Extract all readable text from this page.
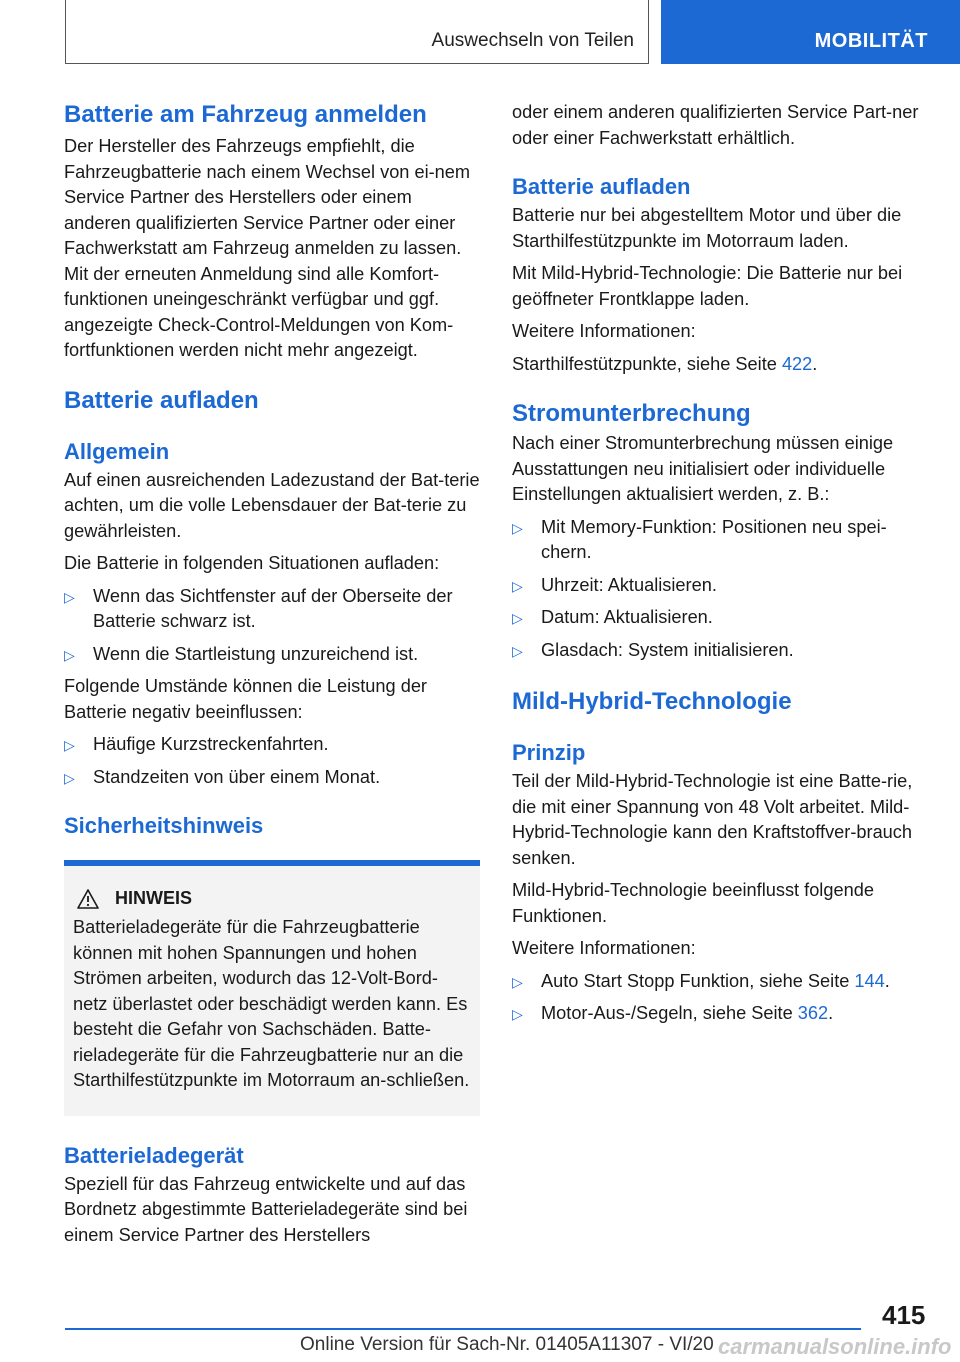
Auswechseln von Teilen	MOBILITÄT
Batterie am Fahrzeug anmelden

Der Hersteller des Fahrzeugs empfiehlt, die Fahrzeugbatterie nach einem Wechsel von ei-nem Service Partner des Herstellers oder einem anderen qualifizierten Service Partner oder einer Fachwerkstatt am Fahrzeug anmelden zu lassen. Mit der erneuten Anmeldung sind alle Komfort-funktionen uneingeschränkt verfügbar und ggf. angezeigte Check-Control-Meldungen von Kom-fortfunktionen werden nicht mehr angezeigt.

Batterie aufladen
Allgemein

Auf einen ausreichenden Ladezustand der Bat-terie achten, um die volle Lebensdauer der Bat-terie zu gewährleisten.

Die Batterie in folgenden Situationen aufladen:

▷ Wenn das Sichtfenster auf der Oberseite der Batterie schwarz ist.
▷ Wenn die Startleistung unzureichend ist.

Folgende Umstände können die Leistung der Batterie negativ beeinflussen:

▷ Häufige Kurzstreckenfahrten.
▷ Standzeiten von über einem Monat.
Sicherheitshinweis
HINWEIS

Batterieladegeräte für die Fahrzeugbatterie können mit hohen Spannungen und hohen Strömen arbeiten, wodurch das 12-Volt-Bord-netz überlastet oder beschädigt werden kann. Es besteht die Gefahr von Sachschäden. Batte-rieladegeräte für die Fahrzeugbatterie nur an die Starthilfestützpunkte im Motorraum an-schließen.

Batterieladegerät

Speziell für das Fahrzeug entwickelte und auf das Bordnetz abgestimmte Batterieladegeräte sind bei einem Service Partner des Herstellers

oder einem anderen qualifizierten Service Part-ner oder einer Fachwerkstatt erhältlich.

Batterie aufladen

Batterie nur bei abgestelltem Motor und über die Starthilfestützpunkte im Motorraum laden.

Mit Mild-Hybrid-Technologie: Die Batterie nur bei geöffneter Frontklappe laden.

Weitere Informationen:

Starthilfestützpunkte, siehe Seite 422.

Stromunterbrechung

Nach einer Stromunterbrechung müssen einige Ausstattungen neu initialisiert oder individuelle Einstellungen aktualisiert werden, z. B.:

▷ Mit Memory-Funktion: Positionen neu spei-chern.
▷ Uhrzeit: Aktualisieren.
▷ Datum: Aktualisieren.
▷ Glasdach: System initialisieren.
Mild-Hybrid-Technologie
Prinzip

Teil der Mild-Hybrid-Technologie ist eine Batte-rie, die mit einer Spannung von 48 Volt arbeitet. Mild-Hybrid-Technologie kann den Kraftstoffver-brauch senken.

Mild-Hybrid-Technologie beeinflusst folgende Funktionen.

Weitere Informationen:

▷ Auto Start Stopp Funktion, siehe Seite 144.
▷ Motor-Aus-/Segeln, siehe Seite 362.
415
Online Version für Sach-Nr. 01405A11307 - VI/20 carmanualsonline.info
